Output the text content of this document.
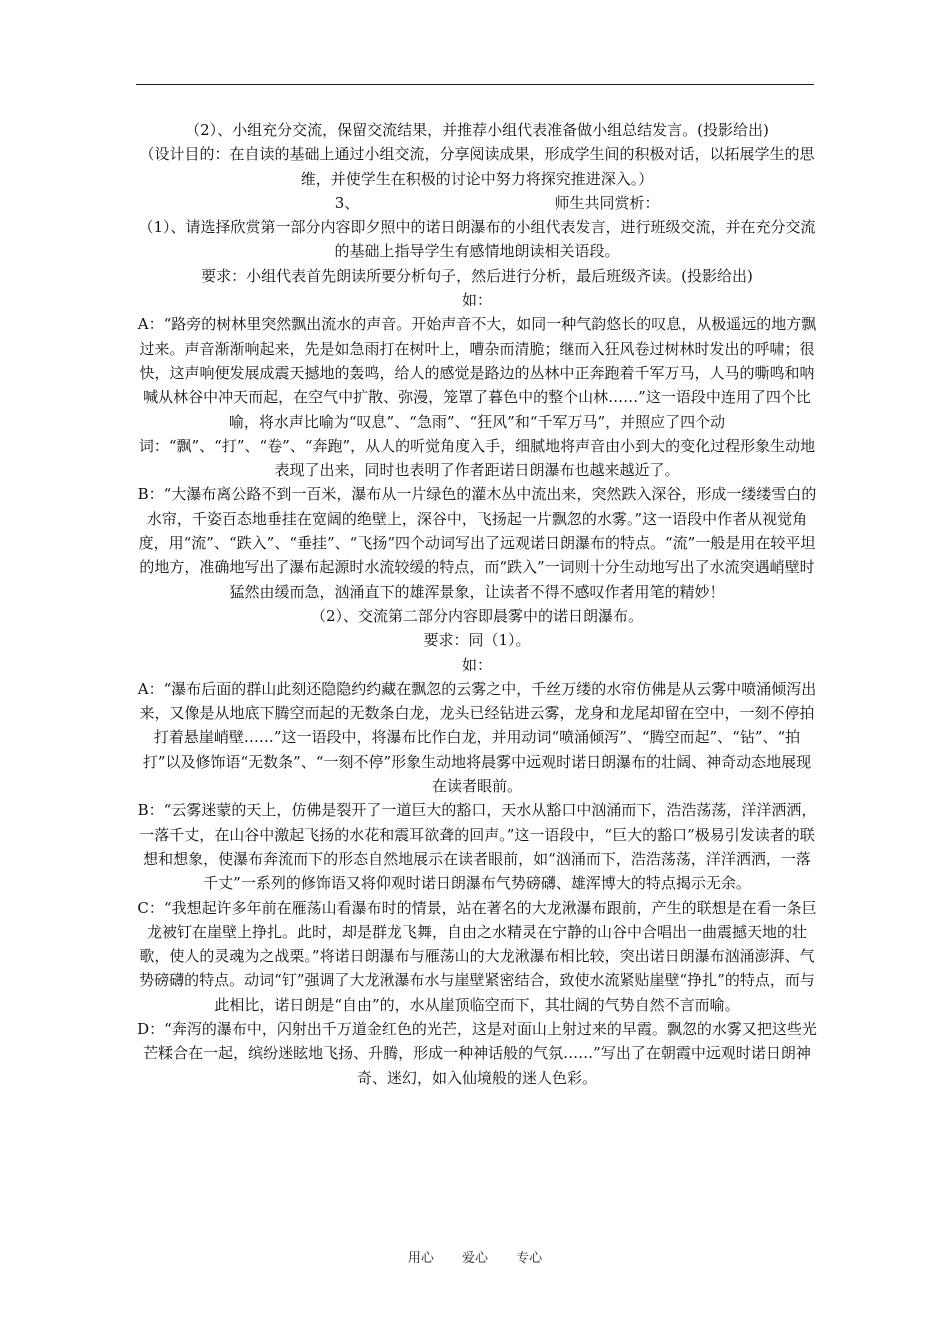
（2）、小组充分交流，保留交流结果，并推荐小组代表准备做小组总结发言。(投影给出)

（设计目的：在自读的基础上通过小组交流，分享阅读成果，形成学生间的积极对话，以拓展学生的思维，并使学生在积极的讨论中努力将探究推进深入。）

3、	师生共同赏析：

（1）、请选择欣赏第一部分内容即夕照中的诺日朗瀑布的小组代表发言，进行班级交流，并在充分交流的基础上指导学生有感情地朗读相关语段。

要求：小组代表首先朗读所要分析句子，然后进行分析，最后班级齐读。(投影给出)

如：

A：“路旁的树林里突然飘出流水的声音。开始声音不大，如同一种气韵悠长的叹息，从极遥远的地方飘过来。声音渐渐响起来，先是如急雨打在树叶上，嘈杂而清脆；继而入狂风卷过树林时发出的呼啸；很快，这声响便发展成震天撼地的轰鸣，给人的感觉是路边的丛林中正奔跑着千军万马，人马的嘶鸣和呐喊从林谷中冲天而起，在空气中扩散、弥漫，笼罩了暮色中的整个山林……”这一语段中连用了四个比喻，将水声比喻为“叹息”、“急雨”、“狂风”和“千军万马”，并照应了四个动词：“飘”、“打”、“卷”、“奔跑”，从人的听觉角度入手，细腻地将声音由小到大的变化过程形象生动地表现了出来，同时也表明了作者距诺日朗瀑布也越来越近了。

B：“大瀑布离公路不到一百米，瀑布从一片绿色的灌木丛中流出来，突然跌入深谷，形成一缕缕雪白的水帘，千姿百态地垂挂在宽阔的绝壁上，深谷中，飞扬起一片飘忽的水雾。”这一语段中作者从视觉角度，用“流”、“跌入”、“垂挂”、“飞扬”四个动词写出了远观诺日朗瀑布的特点。“流”一般是用在较平坦的地方，准确地写出了瀑布起源时水流较缓的特点，而“跌入”一词则十分生动地写出了水流突遇峭壁时猛然由缓而急，汹涌直下的雄浑景象，让读者不得不感叹作者用笔的精妙！

（2）、交流第二部分内容即晨雾中的诺日朗瀑布。

要求：同（1）。

如：

A：“瀑布后面的群山此刻还隐隐约约藏在飘忽的云雾之中，千丝万缕的水帘仿佛是从云雾中喷涌倾泻出来，又像是从地底下腾空而起的无数条白龙，龙头已经钻进云雾，龙身和龙尾却留在空中，一刻不停拍打着悬崖峭壁……”这一语段中，将瀑布比作白龙，并用动词“喷涌倾泻”、“腾空而起”、“钻”、“拍打”以及修饰语“无数条”、“一刻不停”形象生动地将晨雾中远观时诺日朗瀑布的壮阔、神奇动态地展现在读者眼前。

B：“云雾迷蒙的天上，仿佛是裂开了一道巨大的豁口，天水从豁口中汹涌而下，浩浩荡荡，洋洋洒洒，一落千丈，在山谷中激起飞扬的水花和震耳欲聋的回声。”这一语段中，“巨大的豁口”极易引发读者的联想和想象，使瀑布奔流而下的形态自然地展示在读者眼前，如“汹涌而下，浩浩荡荡，洋洋洒洒，一落千丈”一系列的修饰语又将仰观时诺日朗瀑布气势磅礴、雄浑博大的特点揭示无余。

C：“我想起许多年前在雁荡山看瀑布时的情景，站在著名的大龙湫瀑布跟前，产生的联想是在看一条巨龙被钉在崖壁上挣扎。此时，却是群龙飞舞，自由之水精灵在宁静的山谷中合唱出一曲震撼天地的壮歌，使人的灵魂为之战栗。”将诺日朗瀑布与雁荡山的大龙湫瀑布相比较，突出诺日朗瀑布汹涌澎湃、气势磅礴的特点。动词“钉”强调了大龙湫瀑布水与崖壁紧密结合，致使水流紧贴崖壁“挣扎”的特点，而与此相比，诺日朗是“自由”的，水从崖顶临空而下，其壮阔的气势自然不言而喻。

D：“奔泻的瀑布中，闪射出千万道金红色的光芒，这是对面山上射过来的早霞。飘忽的水雾又把这些光芒糅合在一起，缤纷迷眩地飞扬、升腾，形成一种神话般的气氛……”写出了在朝霞中远观时诺日朗神奇、迷幻，如入仙境般的迷人色彩。

用心 爱心 专心
